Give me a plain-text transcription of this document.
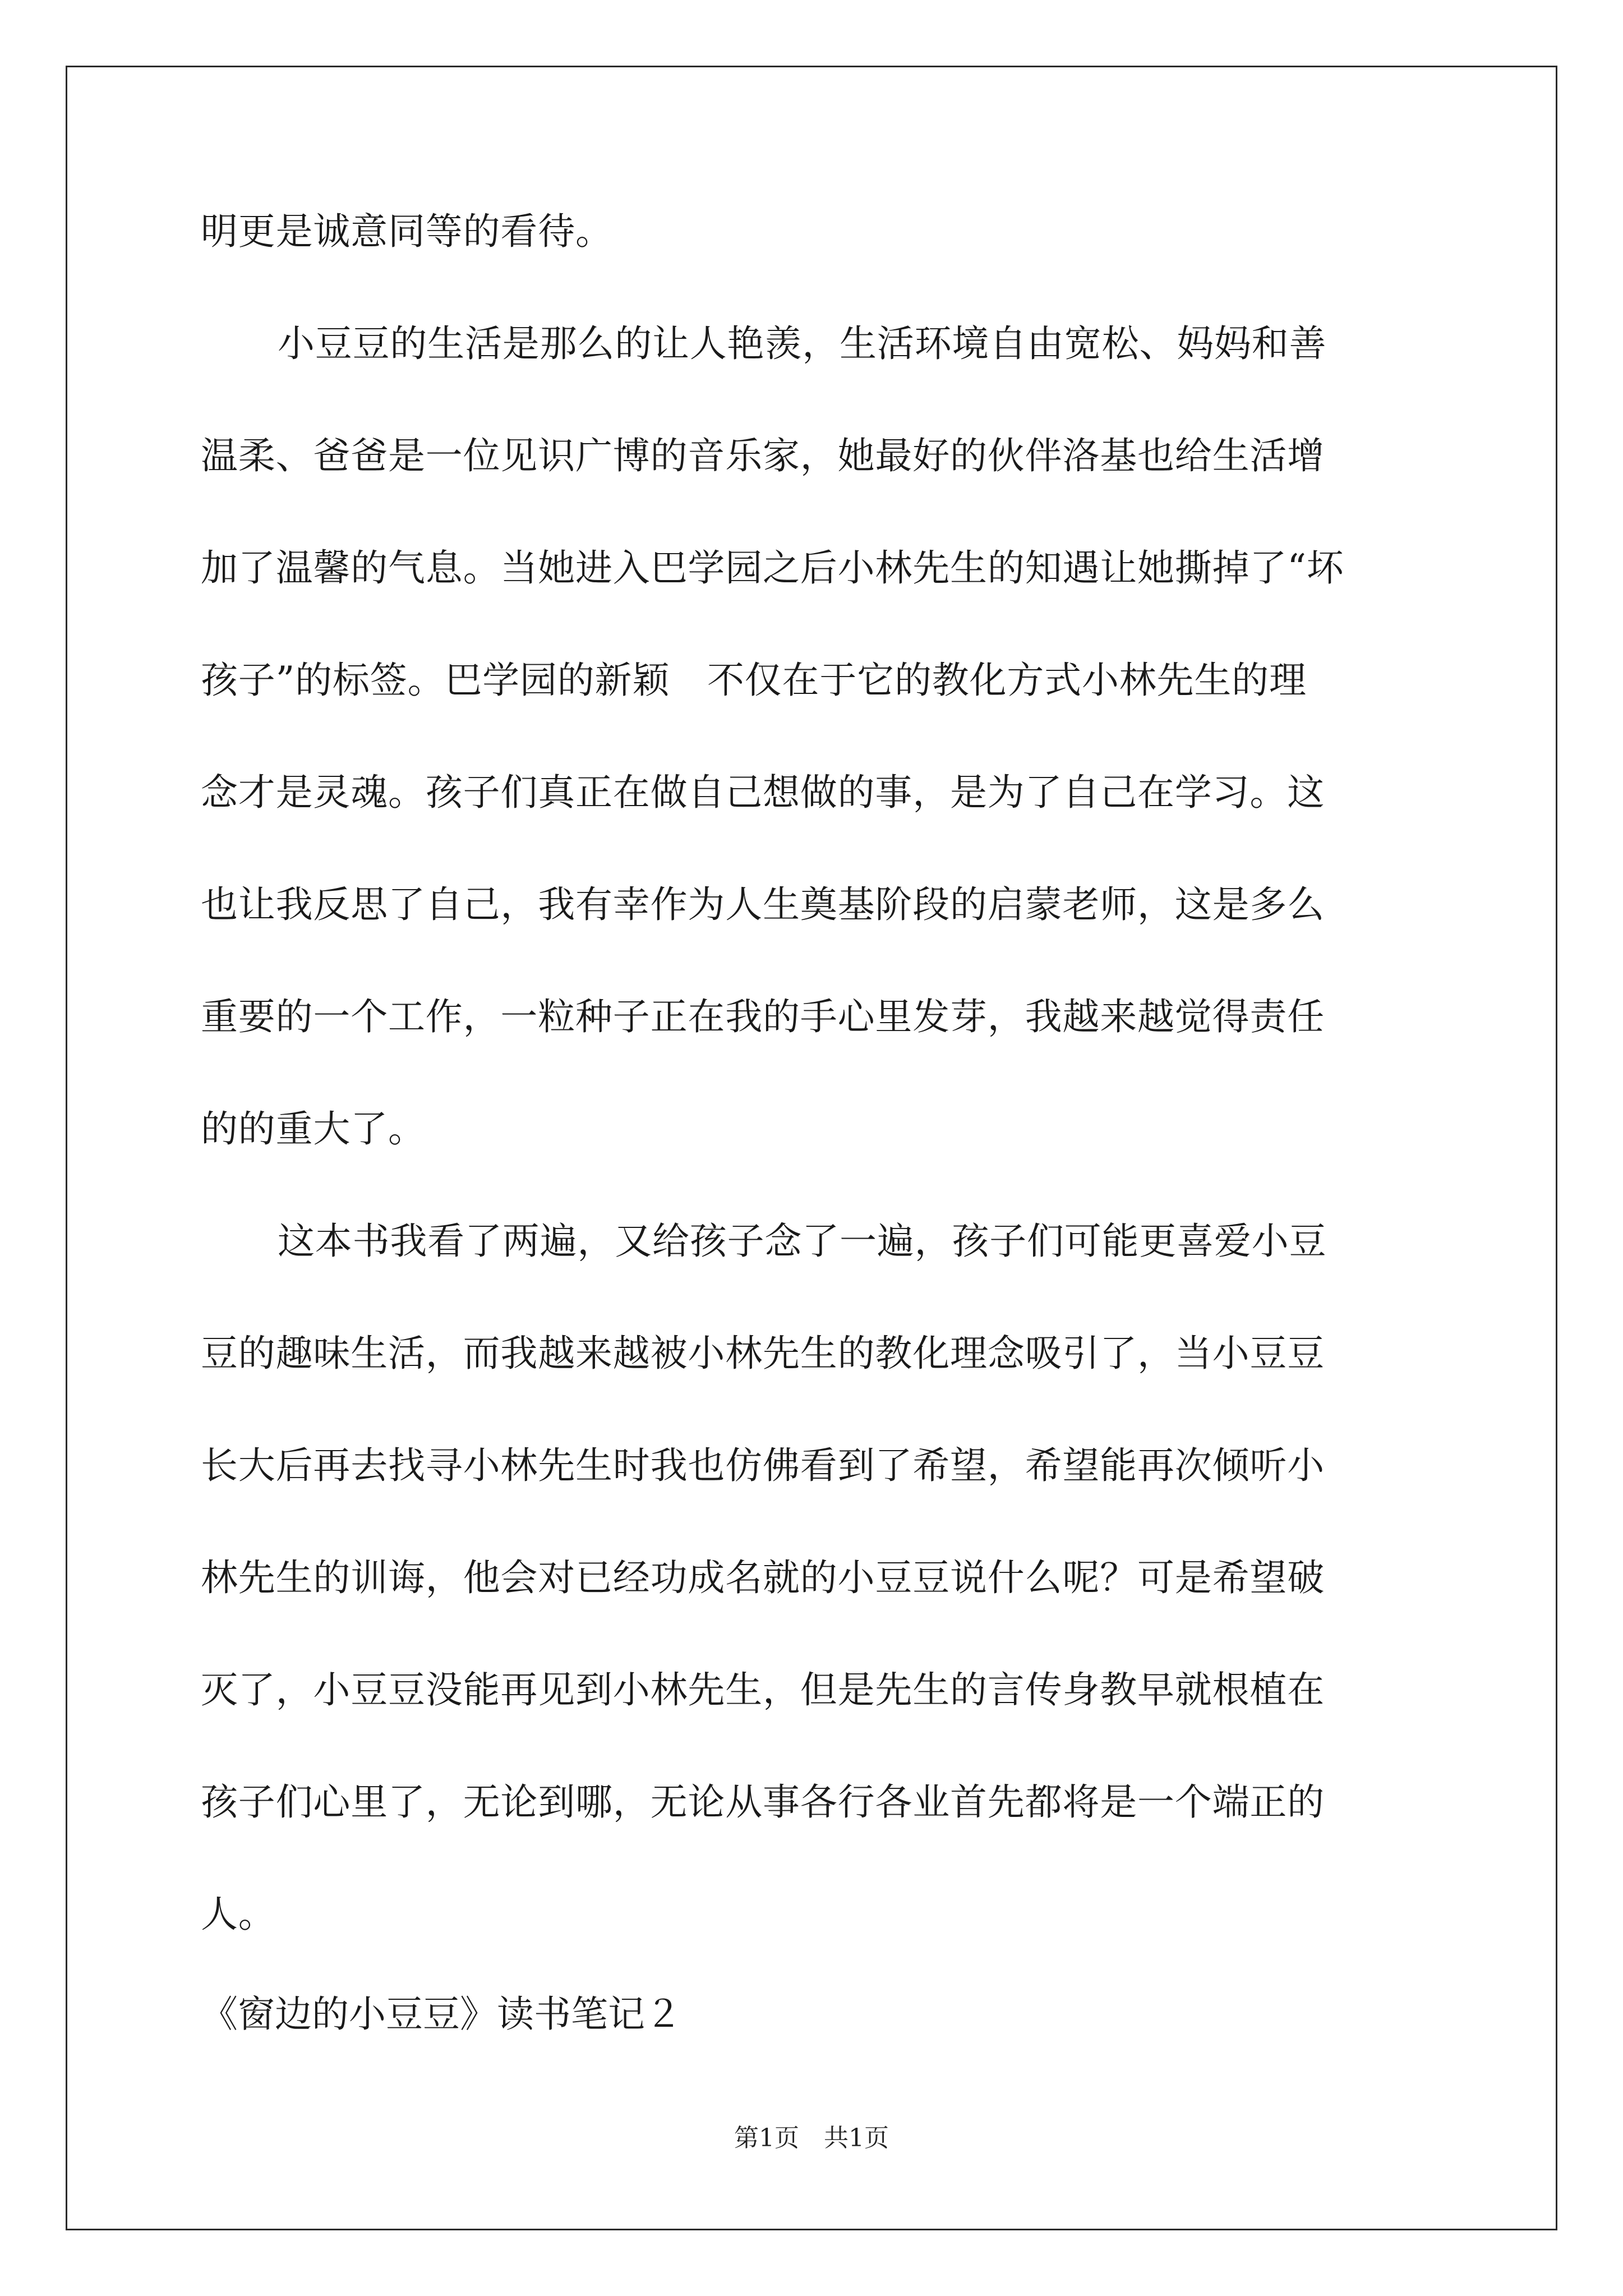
明更是诚意同等的看待。
小豆豆的生活是那么的让人艳羡，生活环境自由宽松、妈妈和善
温柔、爸爸是一位见识广博的音乐家，她最好的伙伴洛基也给生活增
加了温馨的气息。当她进入巴学园之后小林先生的知遇让她撕掉了“坏
孩子”的标签。巴学园的新颖　不仅在于它的教化方式小林先生的理
念才是灵魂。孩子们真正在做自己想做的事，是为了自己在学习。这
也让我反思了自己，我有幸作为人生奠基阶段的启蒙老师，这是多么
重要的一个工作，一粒种子正在我的手心里发芽，我越来越觉得责任
的的重大了。
这本书我看了两遍，又给孩子念了一遍，孩子们可能更喜爱小豆
豆的趣味生活，而我越来越被小林先生的教化理念吸引了，当小豆豆
长大后再去找寻小林先生时我也仿佛看到了希望，希望能再次倾听小
林先生的训诲，他会对已经功成名就的小豆豆说什么呢？可是希望破
灭了，小豆豆没能再见到小林先生，但是先生的言传身教早就根植在
孩子们心里了，无论到哪，无论从事各行各业首先都将是一个端正的
人。
《窗边的小豆豆》读书笔记２
第1页　共1页
